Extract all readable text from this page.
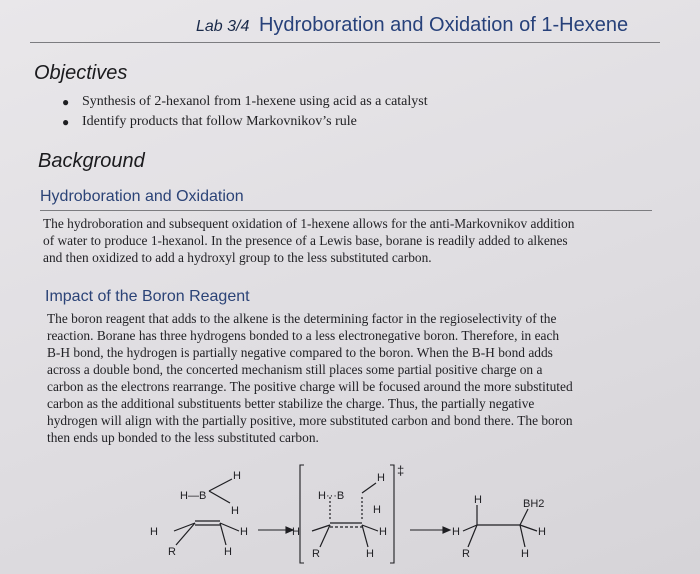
Lab 3/4 Hydroboration and Oxidation of 1-Hexene
Objectives
● Synthesis of 2-hexanol from 1-hexene using acid as a catalyst
● Identify products that follow Markovnikov’s rule
Background
Hydroboration and Oxidation
The hydroboration and subsequent oxidation of 1-hexene allows for the anti-Markovnikov addition
of water to produce 1-hexanol. In the presence of a Lewis base, borane is readily added to alkenes
and then oxidized to add a hydroxyl group to the less substituted carbon.
Impact of the Boron Reagent
The boron reagent that adds to the alkene is the determining factor in the regioselectivity of the
reaction. Borane has three hydrogens bonded to a less electronegative boron. Therefore, in each
B-H bond, the hydrogen is partially negative compared to the boron. When the B-H bond adds
across a double bond, the concerted mechanism still places some partial positive charge on a
carbon as the electrons rearrange. The positive charge will be focused around the more substituted
carbon as the additional substituents better stabilize the charge. Thus, the partially negative
hydrogen will align with the partially positive, more substituted carbon and bond there. The boron
then ends up bonded to the less substituted carbon.
H—B
H
H
H	H
R	H
‡
H···B
H
H
H	H
R	H
H	BH2
H	H
R	H
